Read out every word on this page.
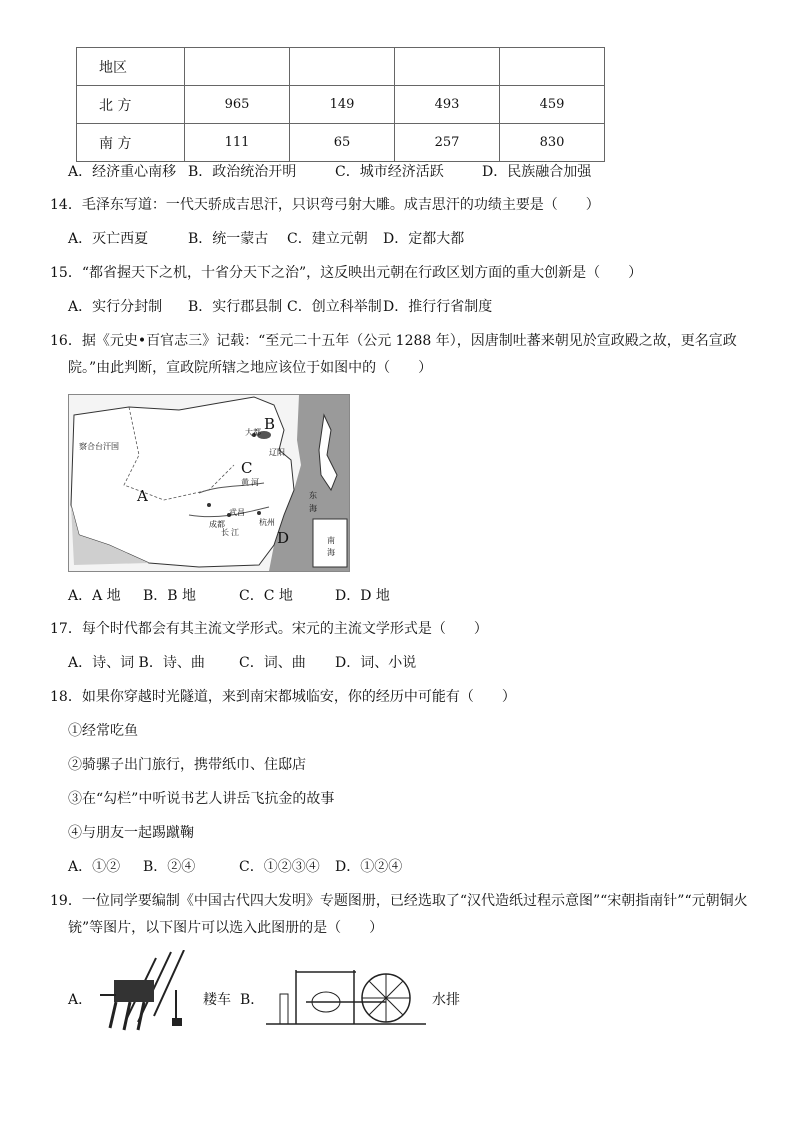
地区				
北 方	965	149	493	459
南 方	111	65	257	830
A．经济重心南移 B．政治统治开明	C．城市经济活跃	D．民族融合加强
14．毛泽东写道：一代天骄成吉思汗，只识弯弓射大雕。成吉思汗的功绩主要是（　　）
A．灭亡西夏	B．统一蒙古 C．建立元朝 D．定都大都
15．“都省握天下之机，十省分天下之治”，这反映出元朝在行政区划方面的重大创新是（　　）
A．实行分封制 B．实行郡县制 C．创立科举制 D．推行行省制度
16．据《元史•百官志三》记载：“至元二十五年（公元 1288 年），因唐制吐蕃来朝见於宣政殿之故，更名宣政
院。”由此判断，宣政院所辖之地应该位于如图中的（　　）
B
A
C
D
察合台汗国
辽阳
大都
武昌
杭州
成都
黄 河
长 江
东
海
南
海
A．A 地 B．B 地	C．C 地	D．D 地
17．每个时代都会有其主流文学形式。宋元的主流文学形式是（　　）
A．诗、词 B．诗、曲 C．词、曲 D．词、小说
18．如果你穿越时光隧道，来到南宋都城临安，你的经历中可能有（　　）
①经常吃鱼
②骑骡子出门旅行，携带纸巾、住邸店
③在“勾栏”中听说书艺人讲岳飞抗金的故事
④与朋友一起踢蹴鞠
A．①② B．②④	C．①②③④ D．①②④
19．一位同学要编制《中国古代四大发明》专题图册，已经选取了“汉代造纸过程示意图”“宋朝指南针”“元朝铜火
铳”等图片，以下图片可以选入此图册的是（　　）
A．	耧车 B．	水排
